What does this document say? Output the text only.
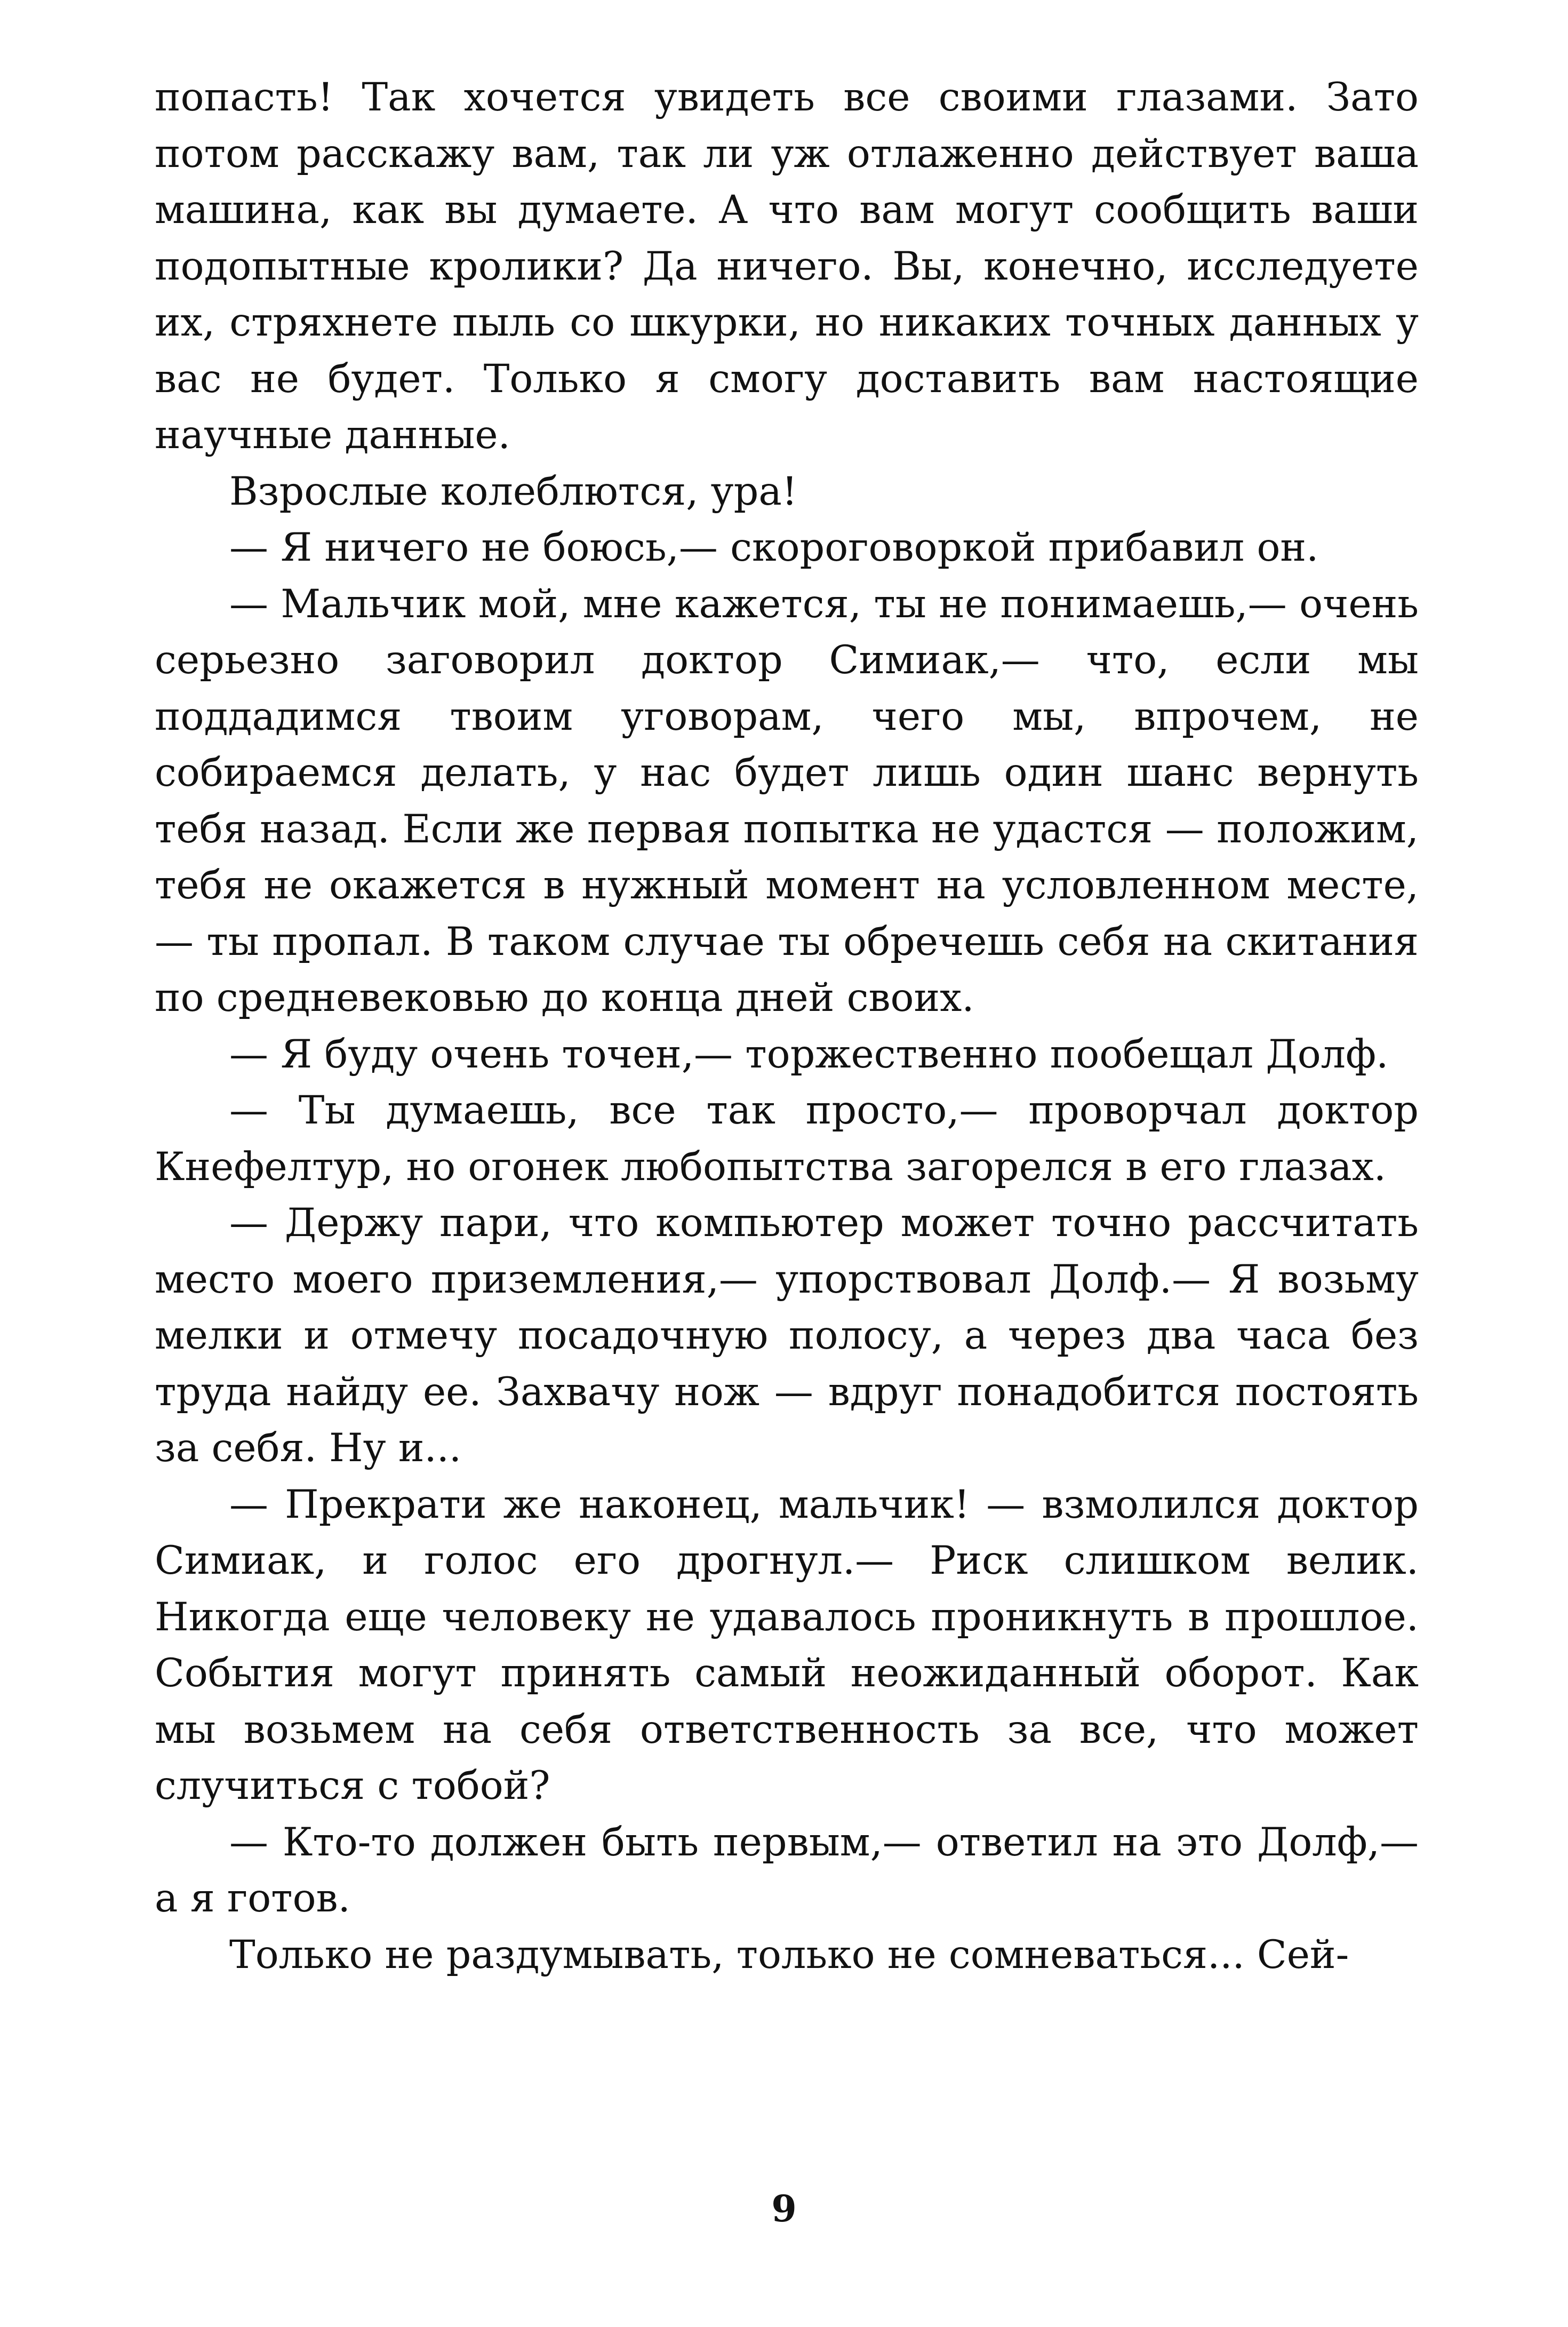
попасть! Так хочется увидеть все своими глазами. Зато потом расскажу вам, так ли уж отлаженно действует ваша машина, как вы думаете. А что вам могут сообщить ваши подопытные кролики? Да ничего. Вы, конечно, исследуете их, стряхнете пыль со шкурки, но никаких точных данных у вас не будет. Только я смогу доставить вам настоящие научные данные.

Взрослые колеблются, ура!

— Я ничего не боюсь,— скороговоркой прибавил он.

— Мальчик мой, мне кажется, ты не понимаешь,— очень серьезно заговорил доктор Симиак,— что, если мы поддадимся твоим уговорам, чего мы, впрочем, не собираемся делать, у нас будет лишь один шанс вернуть тебя назад. Если же первая попытка не удастся — положим, тебя не окажется в нужный момент на условленном месте,— ты пропал. В таком случае ты обречешь себя на скитания по средневековью до конца дней своих.

— Я буду очень точен,— торжественно пообещал Долф.

— Ты думаешь, все так просто,— проворчал доктор Кнефелтур, но огонек любопытства загорелся в его глазах.

— Держу пари, что компьютер может точно рассчитать место моего приземления,— упорствовал Долф.— Я возьму мелки и отмечу посадочную полосу, а через два часа без труда найду ее. Захвачу нож — вдруг понадобится постоять за себя. Ну и...

— Прекрати же наконец, мальчик! — взмолился доктор Симиак, и голос его дрогнул.— Риск слишком велик. Никогда еще человеку не удавалось проникнуть в прошлое. События могут принять самый неожиданный оборот. Как мы возьмем на себя ответственность за все, что может случиться с тобой?

— Кто-то должен быть первым,— ответил на это Долф,— а я готов.

Только не раздумывать, только не сомневаться... Сей-

9
